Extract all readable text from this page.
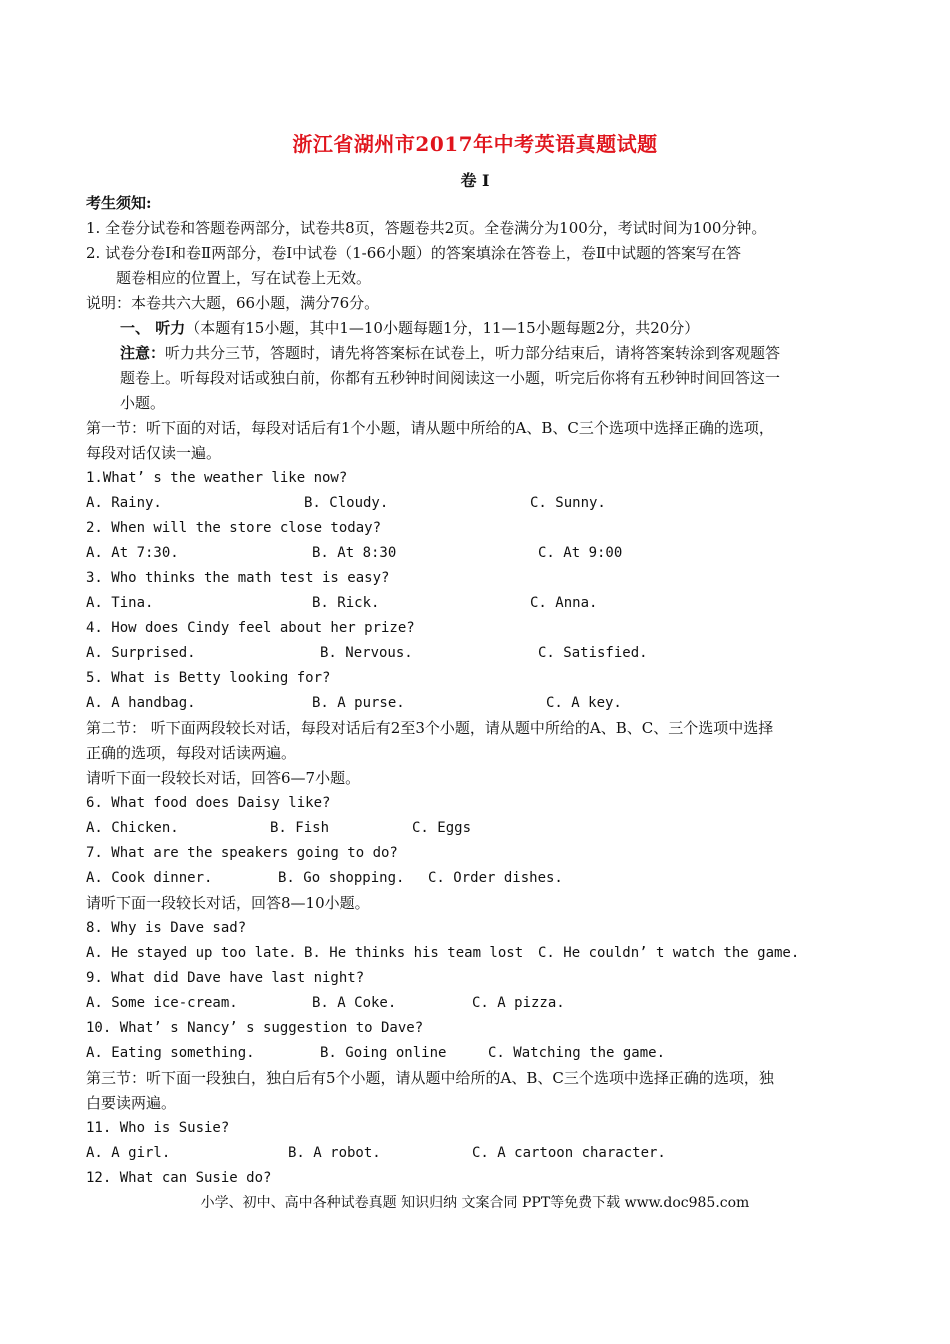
浙江省湖州市2017年中考英语真题试题
卷 I
考生须知:
1. 全卷分试卷和答题卷两部分，试卷共8页，答题卷共2页。全卷满分为100分，考试时间为100分钟。
2. 试卷分卷Ⅰ和卷Ⅱ两部分，卷Ⅰ中试卷（1-66小题）的答案填涂在答卷上，卷Ⅱ中试题的答案写在答
题卷相应的位置上，写在试卷上无效。
说明：本卷共六大题，66小题，满分76分。
一、 听力（本题有15小题，其中1—10小题每题1分，11—15小题每题2分，共20分）
注意：听力共分三节，答题时，请先将答案标在试卷上，听力部分结束后，请将答案转涂到客观题答
题卷上。听每段对话或独白前，你都有五秒钟时间阅读这一小题，听完后你将有五秒钟时间回答这一
小题。
第一节：听下面的对话，每段对话后有1个小题，请从题中所给的A、B、C三个选项中选择正确的选项，
每段对话仅读一遍。
1.What’ s the weather like now?
A. Rainy.	B. Cloudy.	C. Sunny.
2. When will the store close today?
A. At 7:30.	B. At 8:30	C. At 9:00
3. Who thinks the math test is easy?
A. Tina.	B. Rick.	C. Anna.
4. How does Cindy feel about her prize?
A. Surprised.	B. Nervous.	C. Satisfied.
5. What is Betty looking for?
A. A handbag.	B. A purse.	C. A key.
第二节： 听下面两段较长对话，每段对话后有2至3个小题，请从题中所给的A、B、C、三个选项中选择
正确的选项，每段对话读两遍。
请听下面一段较长对话，回答6—7小题。
6. What food does Daisy like?
A. Chicken.	B. Fish	C. Eggs
7. What are the speakers going to do?
A. Cook dinner.	B. Go shopping. C. Order dishes.
请听下面一段较长对话，回答8—10小题。
8. Why is Dave sad?
A. He stayed up too late. B. He thinks his team lost C. He couldn’ t watch the game.
9. What did Dave have last night?
A. Some ice-cream.	B. A Coke.	C. A pizza.
10. What’ s Nancy’ s suggestion to Dave?
A. Eating something.	B. Going online	C. Watching the game.
第三节：听下面一段独白，独白后有5个小题，请从题中给所的A、B、C三个选项中选择正确的选项，独
白要读两遍。
11. Who is Susie?
A. A girl.	B. A robot.	C. A cartoon character.
12. What can Susie do?
小学、初中、高中各种试卷真题 知识归纳 文案合同 PPT等免费下载 www.doc985.com
